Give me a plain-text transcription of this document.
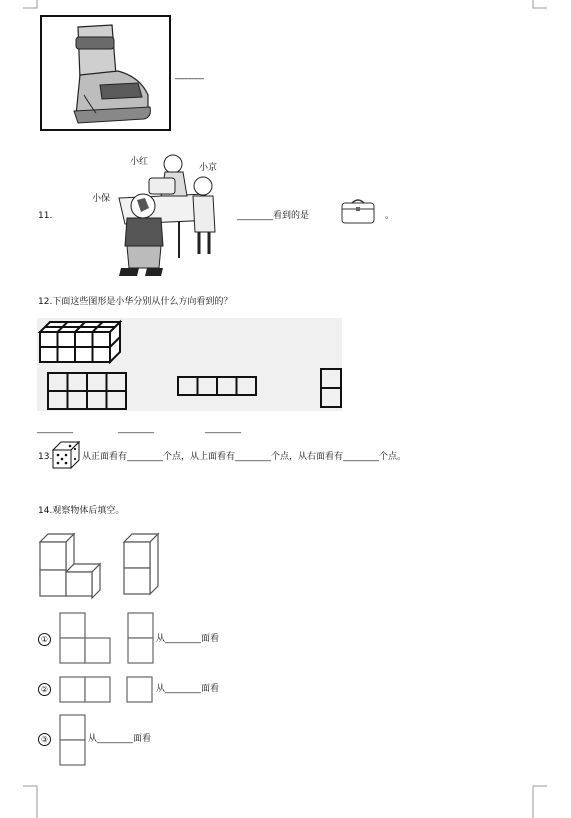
________
11.
小红
小京
小保
________看到的是	。
12.下面这些图形是小华分别从什么方向看到的？
________	________	________
13.	从正面看有________个点，从上面看有________个点，从右面看有________个点。
14.观察物体后填空。
①	从________面看
②	从________面看
③	从________面看
